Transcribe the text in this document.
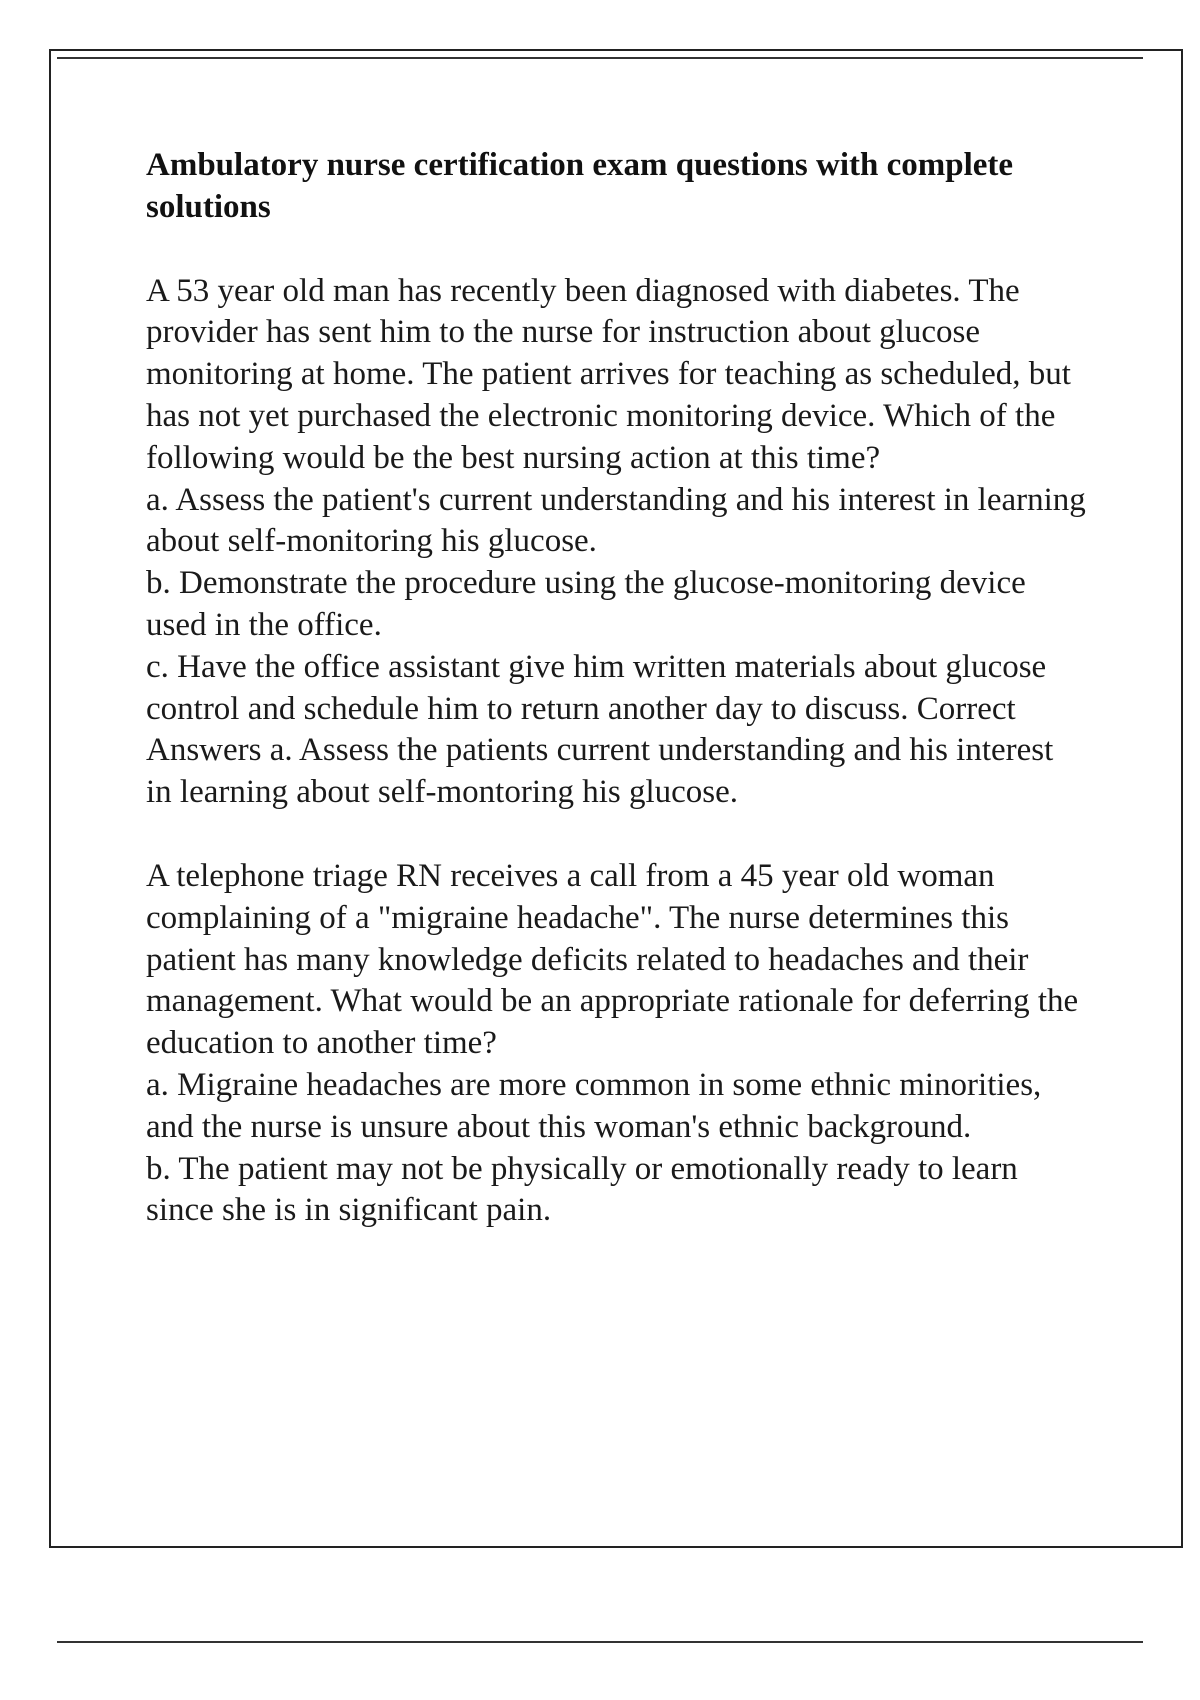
Ambulatory nurse certification exam questions with complete solutions

A 53 year old man has recently been diagnosed with diabetes. The provider has sent him to the nurse for instruction about glucose monitoring at home. The patient arrives for teaching as scheduled, but has not yet purchased the electronic monitoring device. Which of the following would be the best nursing action at this time?

a. Assess the patient's current understanding and his interest in learning about self-monitoring his glucose.

b. Demonstrate the procedure using the glucose-monitoring device used in the office.

c. Have the office assistant give him written materials about glucose control and schedule him to return another day to discuss. Correct Answers a. Assess the patients current understanding and his interest in learning about self-montoring his glucose.

A telephone triage RN receives a call from a 45 year old woman complaining of a "migraine headache". The nurse determines this patient has many knowledge deficits related to headaches and their management. What would be an appropriate rationale for deferring the education to another time?

a. Migraine headaches are more common in some ethnic minorities, and the nurse is unsure about this woman's ethnic background.

b. The patient may not be physically or emotionally ready to learn since she is in significant pain.
